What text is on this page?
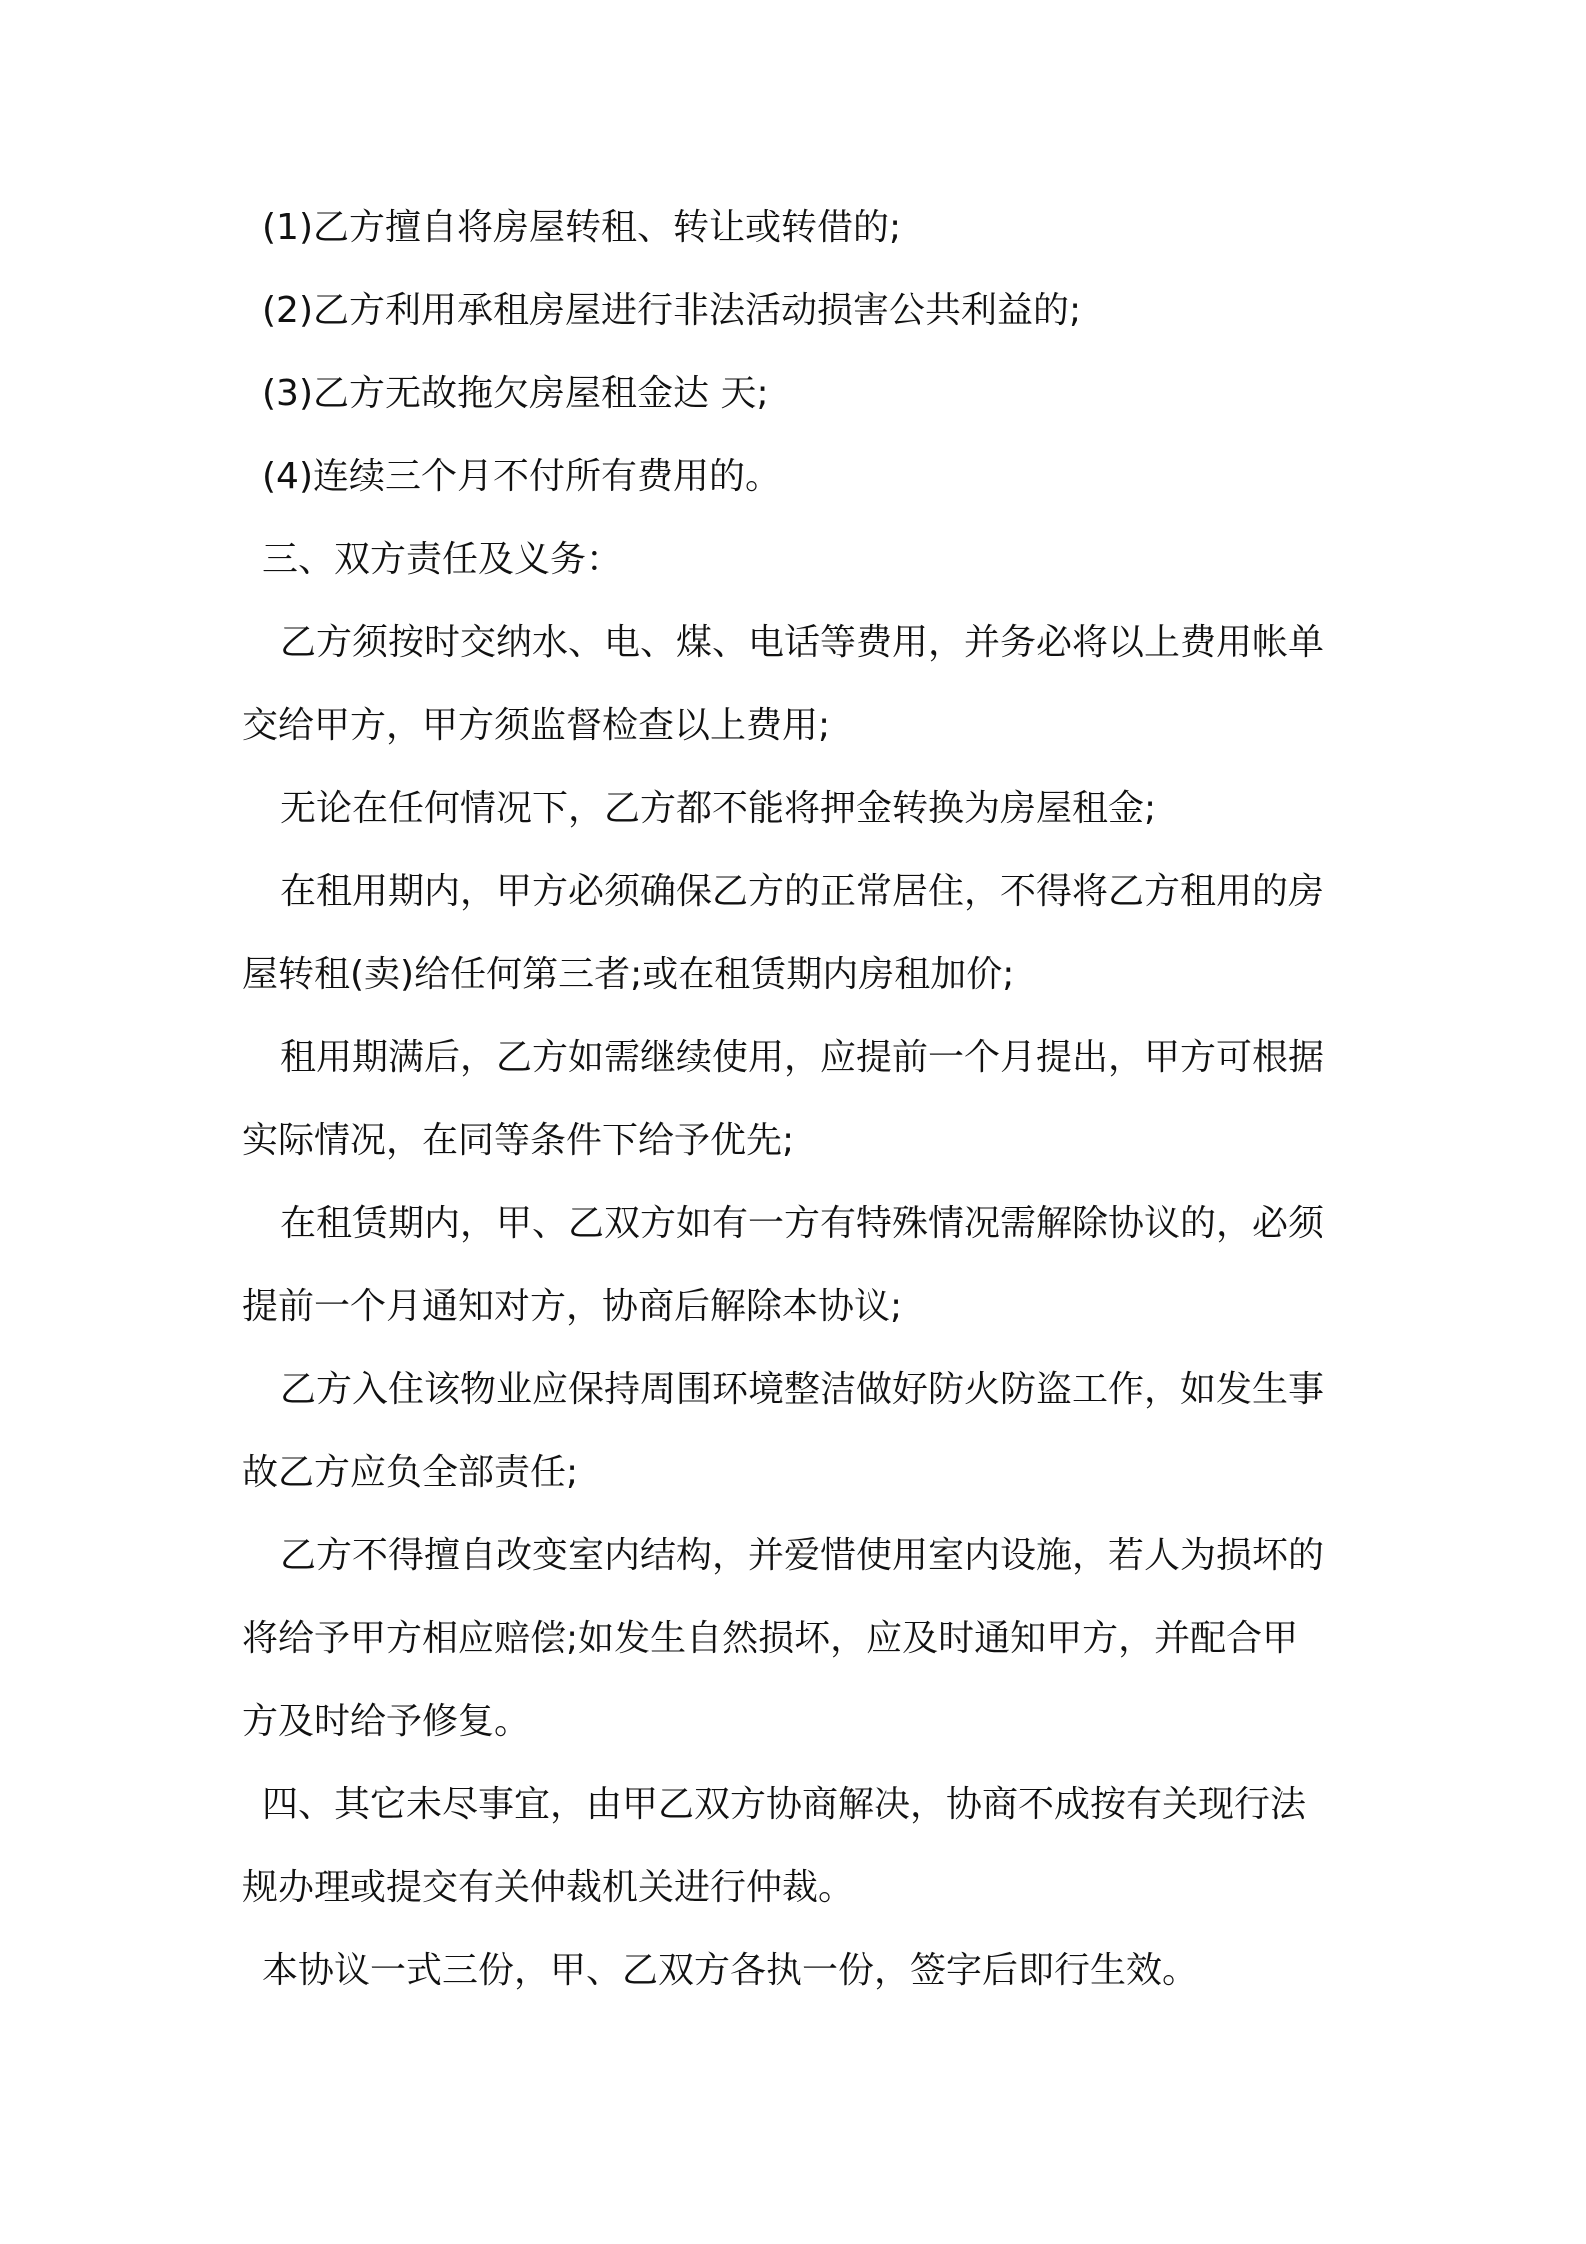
(1)乙方擅自将房屋转租、转让或转借的;

(2)乙方利用承租房屋进行非法活动损害公共利益的;

(3)乙方无故拖欠房屋租金达 天;

(4)连续三个月不付所有费用的。

三、双方责任及义务：

乙方须按时交纳水、电、煤、电话等费用，并务必将以上费用帐单

交给甲方，甲方须监督检查以上费用;

无论在任何情况下，乙方都不能将押金转换为房屋租金;

在租用期内，甲方必须确保乙方的正常居住，不得将乙方租用的房

屋转租(卖)给任何第三者;或在租赁期内房租加价;

租用期满后，乙方如需继续使用，应提前一个月提出，甲方可根据

实际情况，在同等条件下给予优先;

在租赁期内，甲、乙双方如有一方有特殊情况需解除协议的，必须

提前一个月通知对方，协商后解除本协议;

乙方入住该物业应保持周围环境整洁做好防火防盗工作，如发生事

故乙方应负全部责任;

乙方不得擅自改变室内结构，并爱惜使用室内设施，若人为损坏的

将给予甲方相应赔偿;如发生自然损坏，应及时通知甲方，并配合甲

方及时给予修复。

四、其它未尽事宜，由甲乙双方协商解决，协商不成按有关现行法

规办理或提交有关仲裁机关进行仲裁。

本协议一式三份，甲、乙双方各执一份，签字后即行生效。
